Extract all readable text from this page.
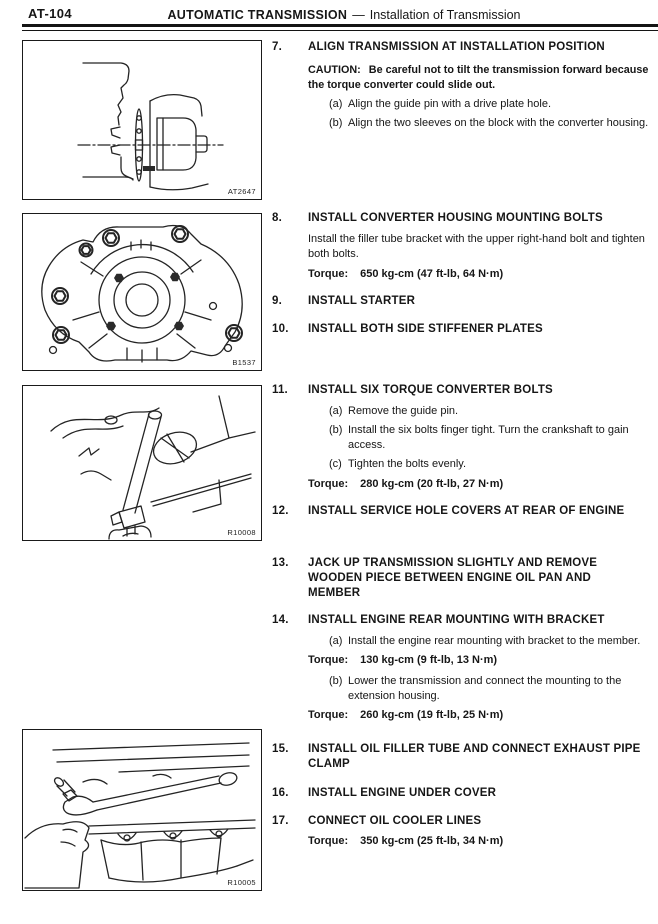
AT-104	AUTOMATIC TRANSMISSION — Installation of Transmission
AT2647
B1537
R10008
R10005
7.	ALIGN TRANSMISSION AT INSTALLATION POSITION

CAUTION: Be careful not to tilt the transmission forward because the torque converter could slide out.

(a) Align the guide pin with a drive plate hole.
(b) Align the two sleeves on the block with the converter housing.
8.	INSTALL CONVERTER HOUSING MOUNTING BOLTS

Install the filler tube bracket with the upper right-hand bolt and tighten both bolts.

Torque: 650 kg-cm (47 ft-lb, 64 N·m)

9.	INSTALL STARTER
10.	INSTALL BOTH SIDE STIFFENER PLATES
11.	INSTALL SIX TORQUE CONVERTER BOLTS
(a) Remove the guide pin.
(b) Install the six bolts finger tight. Turn the crankshaft to gain access.
(c) Tighten the bolts evenly.

Torque: 280 kg-cm (20 ft-lb, 27 N·m)

12.	INSTALL SERVICE HOLE COVERS AT REAR OF ENGINE
13.	JACK UP TRANSMISSION SLIGHTLY AND REMOVE WOODEN PIECE BETWEEN ENGINE OIL PAN AND MEMBER
14.	INSTALL ENGINE REAR MOUNTING WITH BRACKET
(a) Install the engine rear mounting with bracket to the member.

Torque: 130 kg-cm (9 ft-lb, 13 N·m)

(b) Lower the transmission and connect the mounting to the extension housing.

Torque: 260 kg-cm (19 ft-lb, 25 N·m)

15.	INSTALL OIL FILLER TUBE AND CONNECT EXHAUST PIPE CLAMP
16.	INSTALL ENGINE UNDER COVER
17.	CONNECT OIL COOLER LINES

Torque: 350 kg-cm (25 ft-lb, 34 N·m)
